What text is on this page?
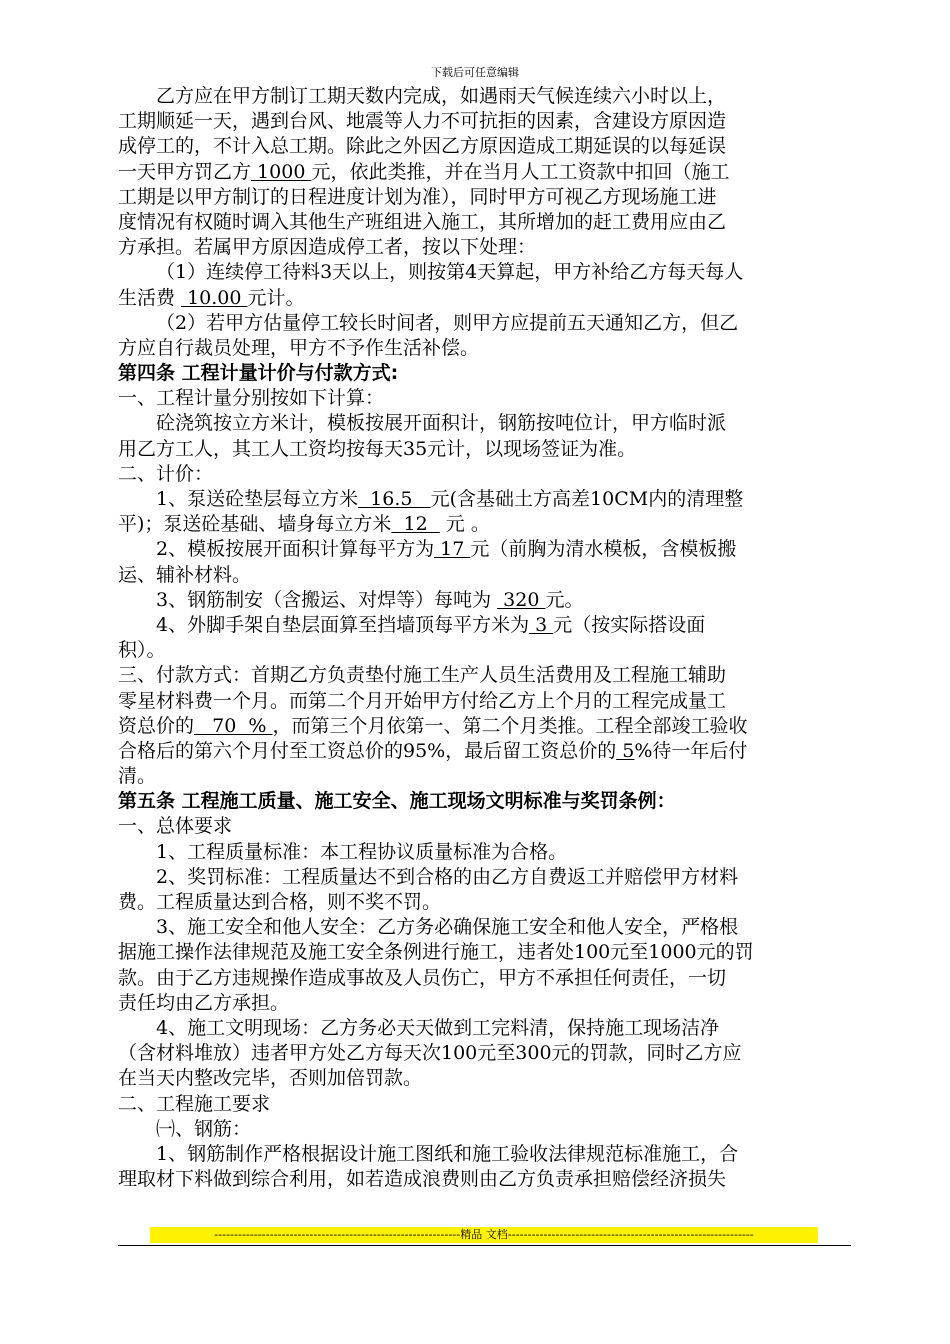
下载后可任意编辑
乙方应在甲方制订工期天数内完成，如遇雨天气候连续六小时以上，
工期顺延一天，遇到台风、地震等人力不可抗拒的因素，含建设方原因造
成停工的，不计入总工期。除此之外因乙方原因造成工期延误的以每延误
一天甲方罚乙方 1000 元，依此类推，并在当月人工工资款中扣回（施工
工期是以甲方制订的日程进度计划为准），同时甲方可视乙方现场施工进
度情况有权随时调入其他生产班组进入施工，其所增加的赶工费用应由乙
方承担。若属甲方原因造成停工者，按以下处理：
（1）连续停工待料3天以上，则按第4天算起，甲方补给乙方每天每人
生活费  10.00 元计。
（2）若甲方估量停工较长时间者，则甲方应提前五天通知乙方，但乙
方应自行裁员处理，甲方不予作生活补偿。
第四条 工程计量计价与付款方式:
一、工程计量分别按如下计算：
砼浇筑按立方米计，模板按展开面积计，钢筋按吨位计，甲方临时派
用乙方工人，其工人工资均按每天35元计，以现场签证为准。
二、计价：
1、泵送砼垫层每立方米  16.5   元(含基础土方高差10CM内的清理整
平)；泵送砼基础、墙身每立方米  12   元 。
2、模板按展开面积计算每平方为 17 元（前胸为清水模板，含模板搬
运、辅补材料。
3、钢筋制安（含搬运、对焊等）每吨为  320 元。
4、外脚手架自垫层面算至挡墙顶每平方米为 3 元（按实际搭设面
积）。
三、付款方式：首期乙方负责垫付施工生产人员生活费用及工程施工辅助
零星材料费一个月。而第二个月开始甲方付给乙方上个月的工程完成量工
资总价的   70  % ，而第三个月依第一、第二个月类推。工程全部竣工验收
合格后的第六个月付至工资总价的95%，最后留工资总价的 5%待一年后付
清。
第五条 工程施工质量、施工安全、施工现场文明标准与奖罚条例：
一、总体要求
1、工程质量标准：本工程协议质量标准为合格。
2、奖罚标准：工程质量达不到合格的由乙方自费返工并赔偿甲方材料
费。工程质量达到合格，则不奖不罚。
3、施工安全和他人安全：乙方务必确保施工安全和他人安全，严格根
据施工操作法律规范及施工安全条例进行施工，违者处100元至1000元的罚
款。由于乙方违规操作造成事故及人员伤亡，甲方不承担任何责任，一切
责任均由乙方承担。
4、施工文明现场：乙方务必天天做到工完料清，保持施工现场洁净
（含材料堆放）违者甲方处乙方每天次100元至300元的罚款，同时乙方应
在当天内整改完毕，否则加倍罚款。
二、工程施工要求
㈠、钢筋：
1、钢筋制作严格根据设计施工图纸和施工验收法律规范标准施工，合
理取材下料做到综合利用，如若造成浪费则由乙方负责承担赔偿经济损失
--------------------------------------------------------------精品 文档--------------------------------------------------------------
